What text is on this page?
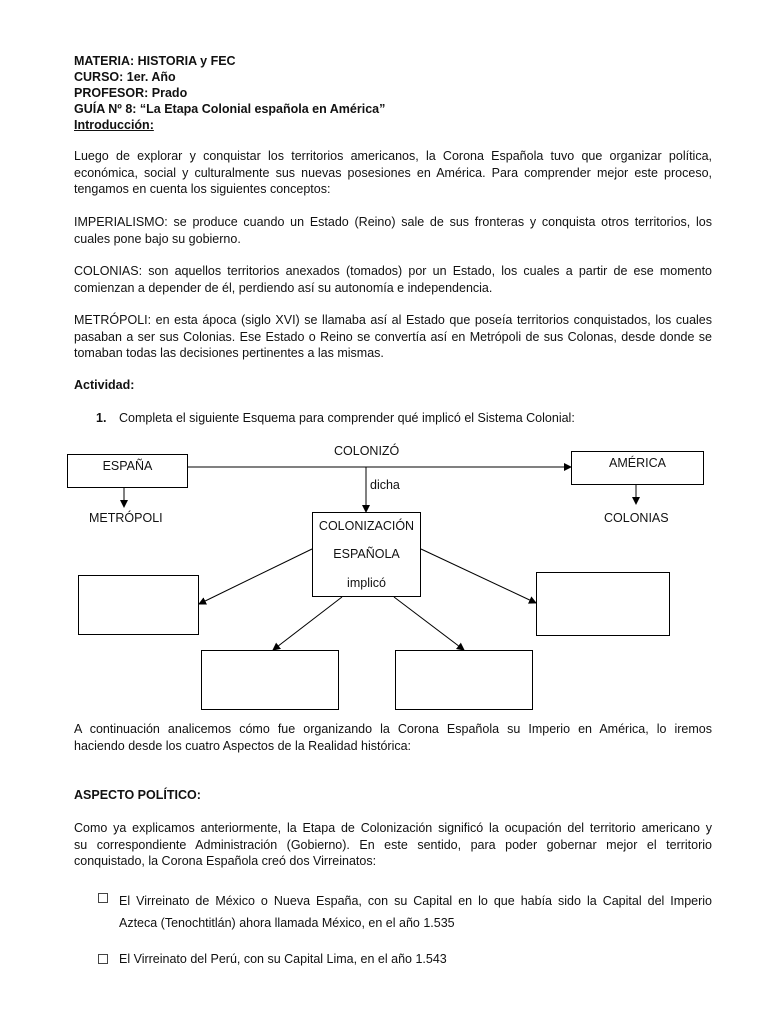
MATERIA: HISTORIA y FEC
CURSO: 1er. Año
PROFESOR: Prado
GUÍA Nº 8: “La Etapa Colonial española en América”
Introducción:
Luego de explorar y conquistar los territorios americanos, la Corona Española tuvo que organizar política,
económica, social y culturalmente sus nuevas posesiones en América. Para comprender mejor este proceso,
tengamos en cuenta los siguientes conceptos:
IMPERIALISMO: se produce cuando un Estado (Reino) sale de sus fronteras y conquista otros territorios, los
cuales pone bajo su gobierno.
COLONIAS: son aquellos territorios anexados (tomados) por un Estado, los cuales a partir de ese momento
comienzan a depender de él, perdiendo así su autonomía e independencia.
METRÓPOLI: en esta ápoca (siglo XVI) se llamaba así al Estado que poseía territorios conquistados, los cuales
pasaban a ser sus Colonias. Ese Estado o Reino se convertía así en Metrópoli de sus Colonas, desde donde se
tomaban todas las decisiones pertinentes a las mismas.
Actividad:
1. Completa el siguiente Esquema para comprender qué implicó el Sistema Colonial:
ESPAÑA	AMÉRICA
COLONIZÓ
dicha
METRÓPOLI	COLONIAS
COLONIZACIÓN
ESPAÑOLA
implicó
A continuación analicemos cómo fue organizando la Corona Española su Imperio en América, lo iremos
haciendo desde los cuatro Aspectos de la Realidad histórica:
ASPECTO POLÍTICO:
Como ya explicamos anteriormente, la Etapa de Colonización significó la ocupación del territorio americano y
su correspondiente Administración (Gobierno). En este sentido, para poder gobernar mejor el territorio
conquistado, la Corona Española creó dos Virreinatos:
El Virreinato de México o Nueva España, con su Capital en lo que había sido la Capital del Imperio
Azteca (Tenochtitlán) ahora llamada México, en el año 1.535
El Virreinato del Perú, con su Capital Lima, en el año 1.543
